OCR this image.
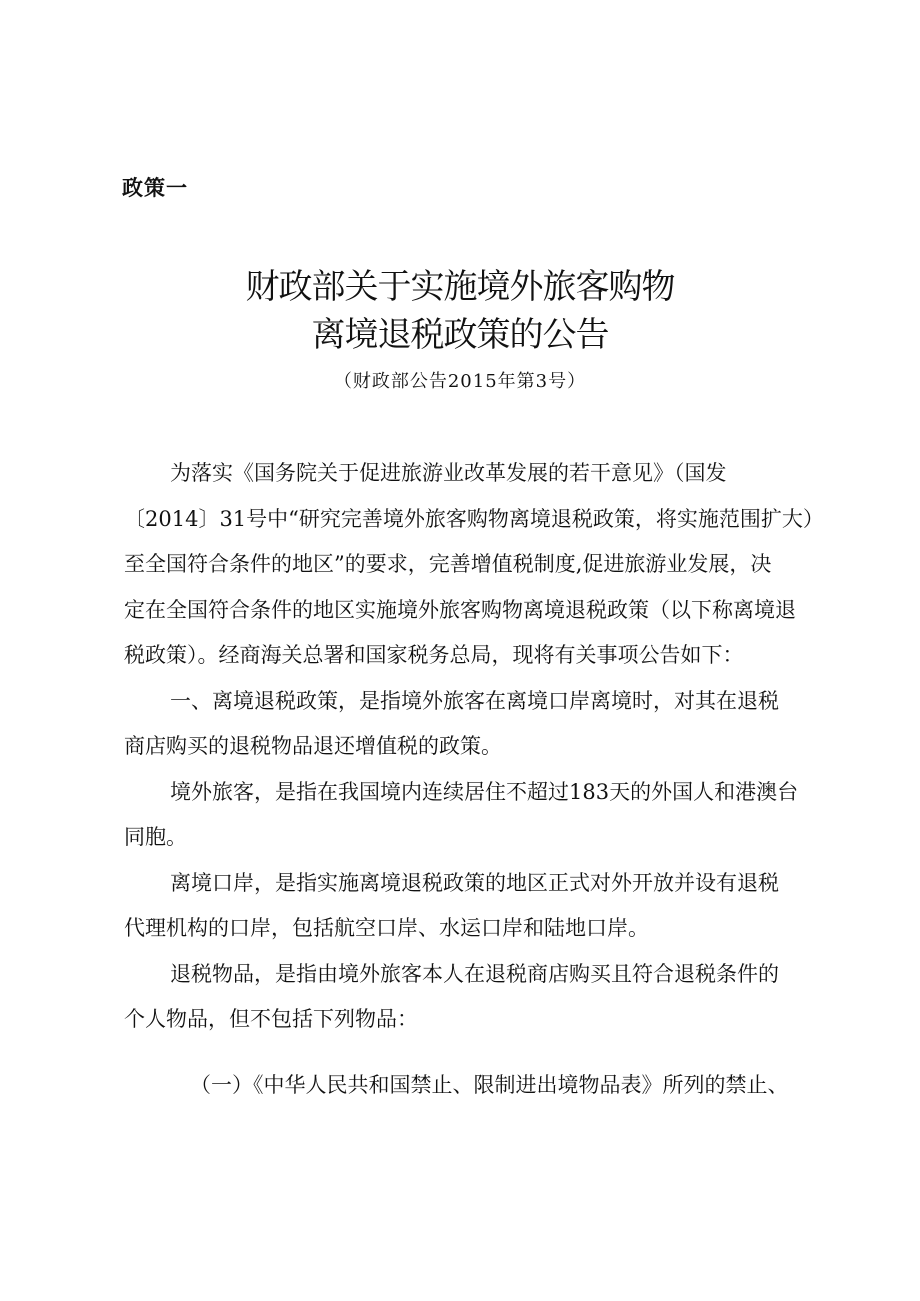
政策一
财政部关于实施境外旅客购物
离境退税政策的公告
（财政部公告2015年第3号）
为落实《国务院关于促进旅游业改革发展的若干意见》（国发
〔2014〕31号中“研究完善境外旅客购物离境退税政策，将实施范围扩大）
至全国符合条件的地区”的要求，完善增值税制度,促进旅游业发展，决
定在全国符合条件的地区实施境外旅客购物离境退税政策（以下称离境退
税政策）。经商海关总署和国家税务总局，现将有关事项公告如下：
一、离境退税政策，是指境外旅客在离境口岸离境时，对其在退税
商店购买的退税物品退还增值税的政策。
境外旅客，是指在我国境内连续居住不超过183天的外国人和港澳台
同胞。
离境口岸，是指实施离境退税政策的地区正式对外开放并设有退税
代理机构的口岸，包括航空口岸、水运口岸和陆地口岸。
退税物品，是指由境外旅客本人在退税商店购买且符合退税条件的
个人物品，但不包括下列物品：
（一）《中华人民共和国禁止、限制进出境物品表》所列的禁止、
